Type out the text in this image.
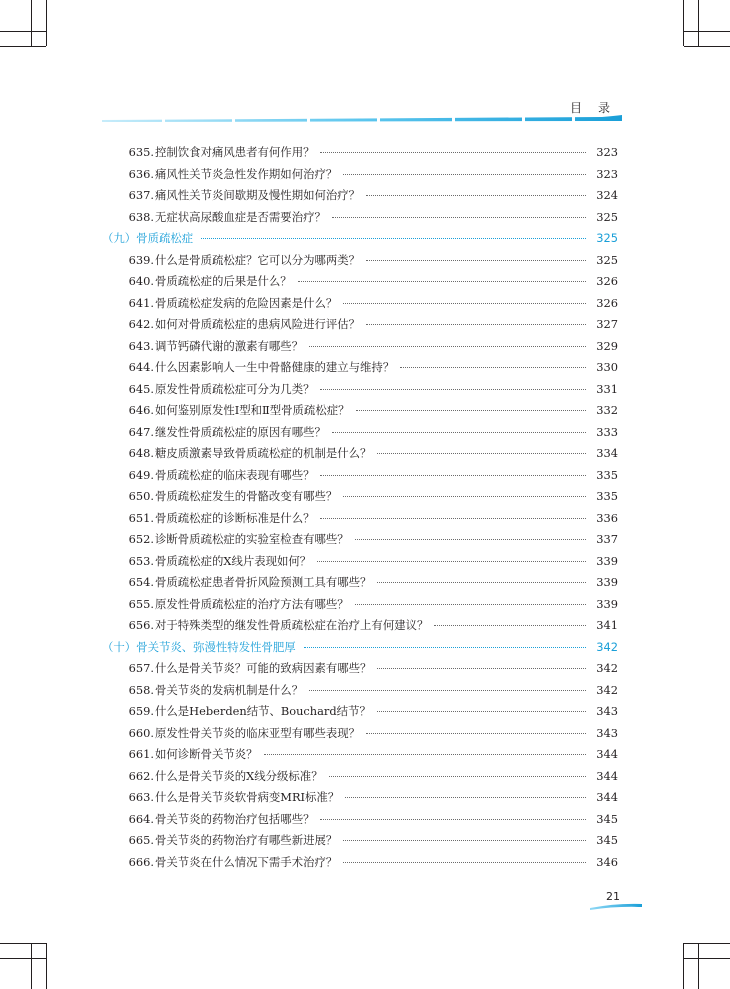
目录
635. 控制饮食对痛风患者有何作用？	323
636. 痛风性关节炎急性发作期如何治疗？	323
637. 痛风性关节炎间歇期及慢性期如何治疗？	324
638. 无症状高尿酸血症是否需要治疗？	325
（九）骨质疏松症	325
639. 什么是骨质疏松症？它可以分为哪两类？	325
640. 骨质疏松症的后果是什么？	326
641. 骨质疏松症发病的危险因素是什么？	326
642. 如何对骨质疏松症的患病风险进行评估？	327
643. 调节钙磷代谢的激素有哪些？	329
644. 什么因素影响人一生中骨骼健康的建立与维持？	330
645. 原发性骨质疏松症可分为几类？	331
646. 如何鉴别原发性Ⅰ型和Ⅱ型骨质疏松症？	332
647. 继发性骨质疏松症的原因有哪些？	333
648. 糖皮质激素导致骨质疏松症的机制是什么？	334
649. 骨质疏松症的临床表现有哪些？	335
650. 骨质疏松症发生的骨骼改变有哪些？	335
651. 骨质疏松症的诊断标准是什么？	336
652. 诊断骨质疏松症的实验室检查有哪些？	337
653. 骨质疏松症的X线片表现如何？	339
654. 骨质疏松症患者骨折风险预测工具有哪些？	339
655. 原发性骨质疏松症的治疗方法有哪些？	339
656. 对于特殊类型的继发性骨质疏松症在治疗上有何建议？	341
（十）骨关节炎、弥漫性特发性骨肥厚	342
657. 什么是骨关节炎？可能的致病因素有哪些？	342
658. 骨关节炎的发病机制是什么？	342
659. 什么是Heberden结节、Bouchard结节？	343
660. 原发性骨关节炎的临床亚型有哪些表现？	343
661. 如何诊断骨关节炎？	344
662. 什么是骨关节炎的X线分级标准？	344
663. 什么是骨关节炎软骨病变MRI标准？	344
664. 骨关节炎的药物治疗包括哪些？	345
665. 骨关节炎的药物治疗有哪些新进展？	345
666. 骨关节炎在什么情况下需手术治疗？	346
21
